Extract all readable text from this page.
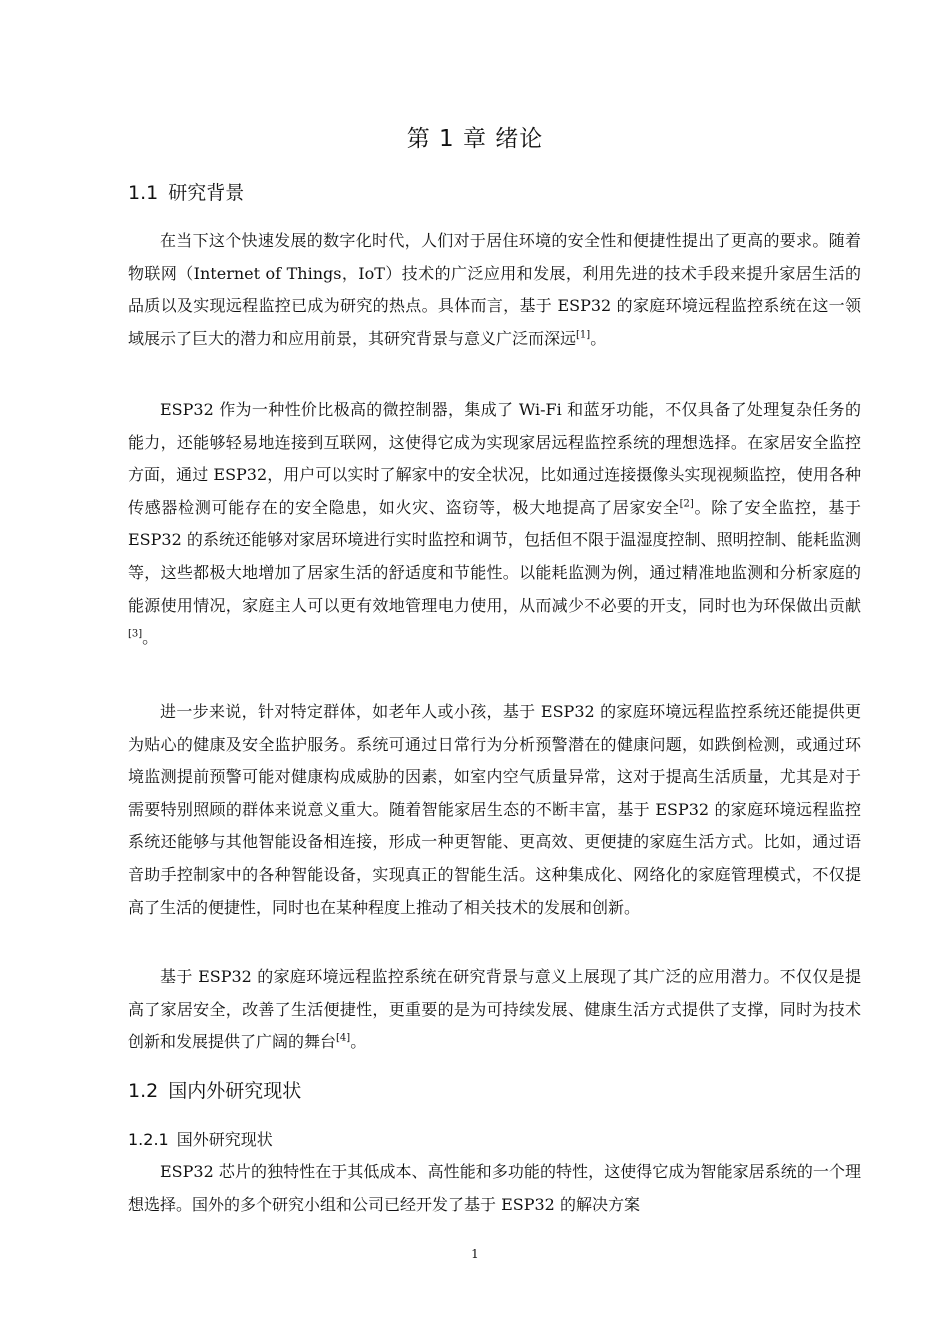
第 1 章 绪论
1.1 研究背景

在当下这个快速发展的数字化时代，人们对于居住环境的安全性和便捷性提出了更高的要求。随着物联网（Internet of Things，IoT）技术的广泛应用和发展，利用先进的技术手段来提升家居生活的品质以及实现远程监控已成为研究的热点。具体而言，基于 ESP32 的家庭环境远程监控系统在这一领域展示了巨大的潜力和应用前景，其研究背景与意义广泛而深远[1]。

ESP32 作为一种性价比极高的微控制器，集成了 Wi-Fi 和蓝牙功能，不仅具备了处理复杂任务的能力，还能够轻易地连接到互联网，这使得它成为实现家居远程监控系统的理想选择。在家居安全监控方面，通过 ESP32，用户可以实时了解家中的安全状况，比如通过连接摄像头实现视频监控，使用各种传感器检测可能存在的安全隐患，如火灾、盗窃等，极大地提高了居家安全[2]。除了安全监控，基于 ESP32 的系统还能够对家居环境进行实时监控和调节，包括但不限于温湿度控制、照明控制、能耗监测等，这些都极大地增加了居家生活的舒适度和节能性。以能耗监测为例，通过精准地监测和分析家庭的能源使用情况，家庭主人可以更有效地管理电力使用，从而减少不必要的开支，同时也为环保做出贡献[3]。

进一步来说，针对特定群体，如老年人或小孩，基于 ESP32 的家庭环境远程监控系统还能提供更为贴心的健康及安全监护服务。系统可通过日常行为分析预警潜在的健康问题，如跌倒检测，或通过环境监测提前预警可能对健康构成威胁的因素，如室内空气质量异常，这对于提高生活质量，尤其是对于需要特别照顾的群体来说意义重大。随着智能家居生态的不断丰富，基于 ESP32 的家庭环境远程监控系统还能够与其他智能设备相连接，形成一种更智能、更高效、更便捷的家庭生活方式。比如，通过语音助手控制家中的各种智能设备，实现真正的智能生活。这种集成化、网络化的家庭管理模式，不仅提高了生活的便捷性，同时也在某种程度上推动了相关技术的发展和创新。

基于 ESP32 的家庭环境远程监控系统在研究背景与意义上展现了其广泛的应用潜力。不仅仅是提高了家居安全，改善了生活便捷性，更重要的是为可持续发展、健康生活方式提供了支撑，同时为技术创新和发展提供了广阔的舞台[4]。

1.2 国内外研究现状
1.2.1 国外研究现状

ESP32 芯片的独特性在于其低成本、高性能和多功能的特性，这使得它成为智能家居系统的一个理想选择。国外的多个研究小组和公司已经开发了基于 ESP32 的解决方案

1
